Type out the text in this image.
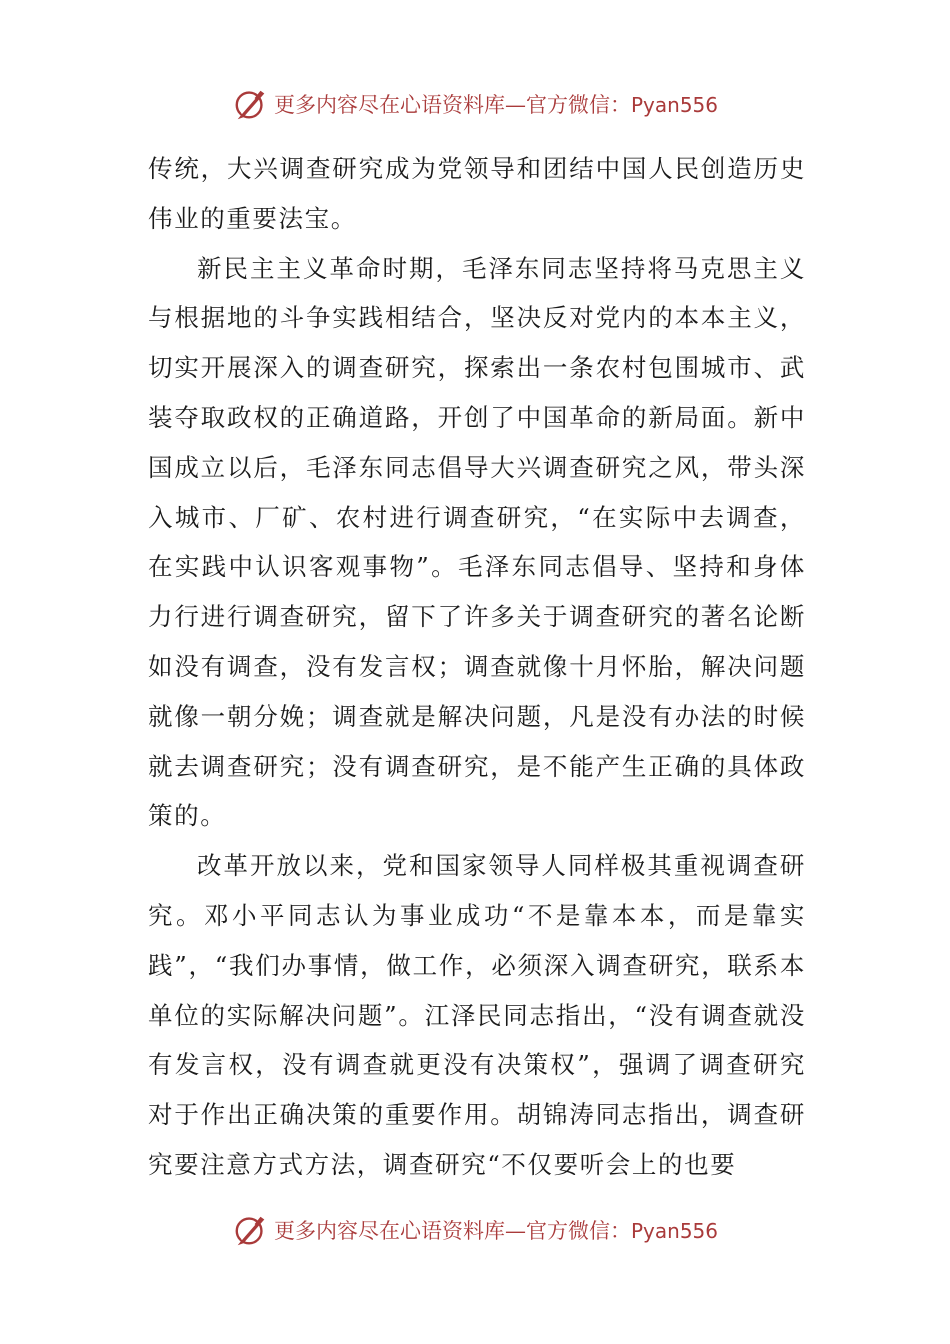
更多内容尽在心语资料库—官方微信：Pyan556

传统，大兴调查研究成为党领导和团结中国人民创造历史伟业的重要法宝。

新民主主义革命时期，毛泽东同志坚持将马克思主义与根据地的斗争实践相结合，坚决反对党内的本本主义，切实开展深入的调查研究，探索出一条农村包围城市、武装夺取政权的正确道路，开创了中国革命的新局面。新中国成立以后，毛泽东同志倡导大兴调查研究之风，带头深入城市、厂矿、农村进行调查研究，“在实际中去调查，在实践中认识客观事物”。毛泽东同志倡导、坚持和身体力行进行调查研究，留下了许多关于调查研究的著名论断如没有调查，没有发言权；调查就像十月怀胎，解决问题就像一朝分娩；调查就是解决问题，凡是没有办法的时候就去调查研究；没有调查研究，是不能产生正确的具体政策的。

改革开放以来，党和国家领导人同样极其重视调查研究。邓小平同志认为事业成功“不是靠本本，而是靠实践”，“我们办事情，做工作，必须深入调查研究，联系本单位的实际解决问题”。江泽民同志指出，“没有调查就没有发言权，没有调查就更没有决策权”，强调了调查研究对于作出正确决策的重要作用。胡锦涛同志指出，调查研究要注意方式方法，调查研究“不仅要听会上的也要

更多内容尽在心语资料库—官方微信：Pyan556
